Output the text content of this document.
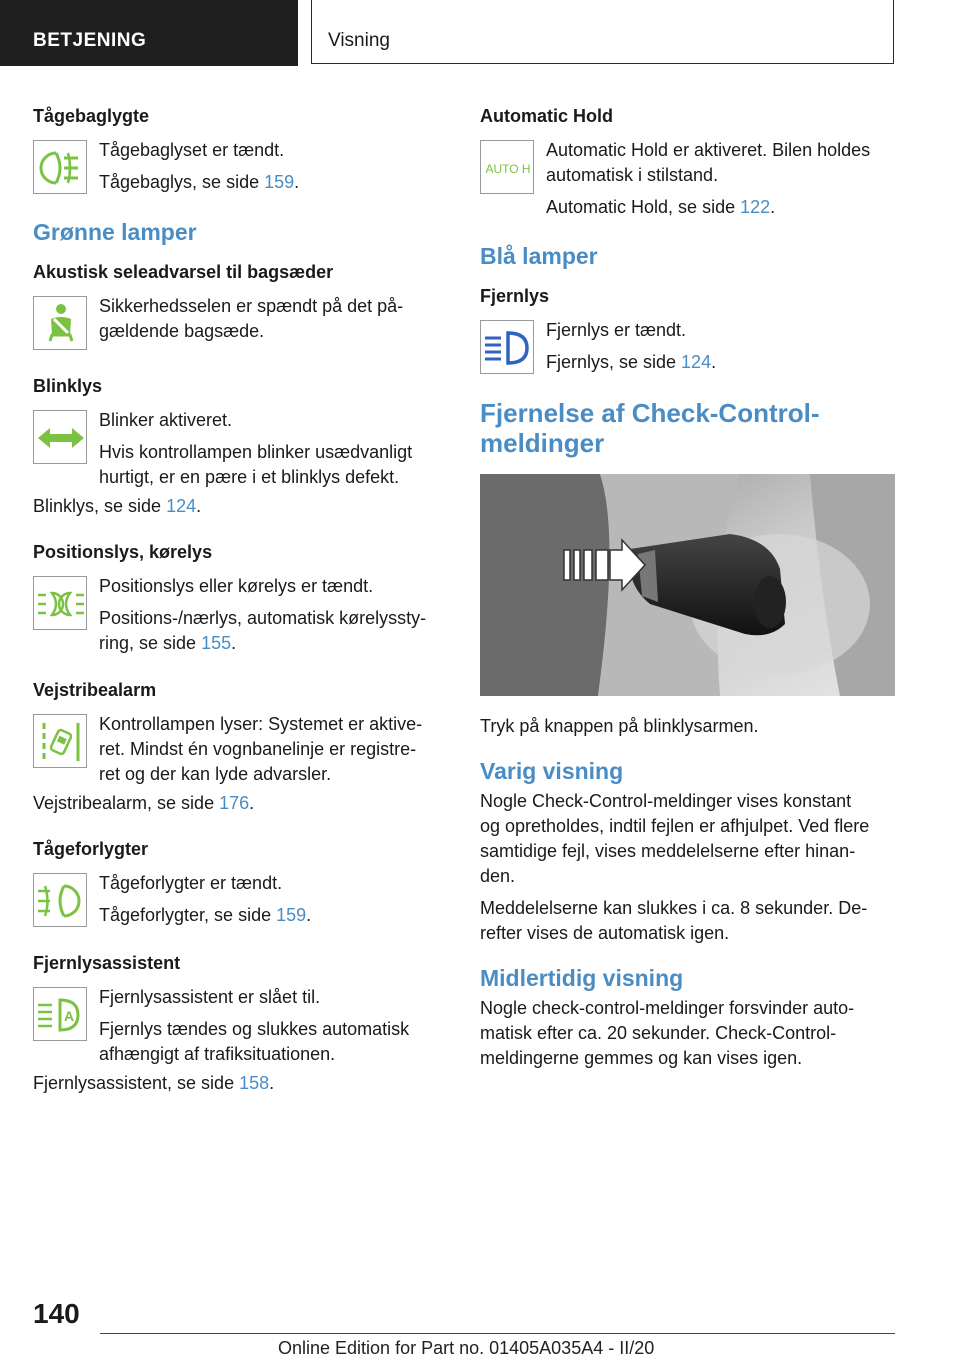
BETJENING	Visning
Tågebaglygte

Tågebaglyset er tændt.

Tågebaglys, se side 159.

Grønne lamper
Akustisk seleadvarsel til bagsæder

Sikkerhedsselen er spændt på det på-

gældende bagsæde.

Blinklys

Blinker aktiveret.

Hvis kontrollampen blinker usædvanligt

hurtigt, er en pære i et blinklys defekt.

Blinklys, se side 124.

Positionslys, kørelys

Positionslys eller kørelys er tændt.

Positions-/nærlys, automatisk kørelyssty-

ring, se side 155.

Vejstribealarm

Kontrollampen lyser: Systemet er aktive-

ret. Mindst én vognbanelinje er registre-

ret og der kan lyde advarsler.

Vejstribealarm, se side 176.

Tågeforlygter

Tågeforlygter er tændt.

Tågeforlygter, se side 159.

Fjernlysassistent
A

Fjernlysassistent er slået til.

Fjernlys tændes og slukkes automatisk

afhængigt af trafiksituationen.

Fjernlysassistent, se side 158.

Automatic Hold
AUTO H

Automatic Hold er aktiveret. Bilen holdes

automatisk i stilstand.

Automatic Hold, se side 122.

Blå lamper
Fjernlys

Fjernlys er tændt.

Fjernlys, se side 124.

Fjernelse af Check-Control-
meldinger

Tryk på knappen på blinklysarmen.

Varig visning

Nogle Check-Control-meldinger vises konstant
og opretholdes, indtil fejlen er afhjulpet. Ved flere
samtidige fejl, vises meddelelserne efter hinan-
den.

Meddelelserne kan slukkes i ca. 8 sekunder. De-
refter vises de automatisk igen.

Midlertidig visning

Nogle check-control-meldinger forsvinder auto-
matisk efter ca. 20 sekunder. Check-Control-
meldingerne gemmes og kan vises igen.

140
Online Edition for Part no. 01405A035A4 - II/20
